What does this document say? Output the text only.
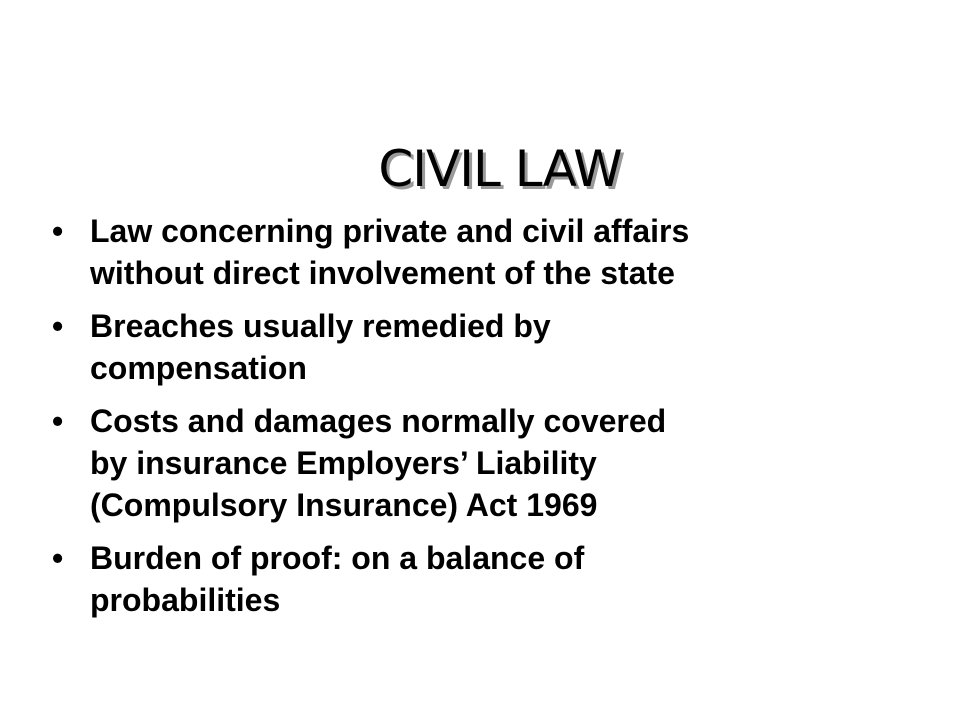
CIVIL LAW
• Law concerning private and civil affairs
without direct involvement of the state
• Breaches usually remedied by
compensation
• Costs and damages normally covered
by insurance Employers’ Liability
(Compulsory Insurance) Act 1969
• Burden of proof: on a balance of
probabilities
